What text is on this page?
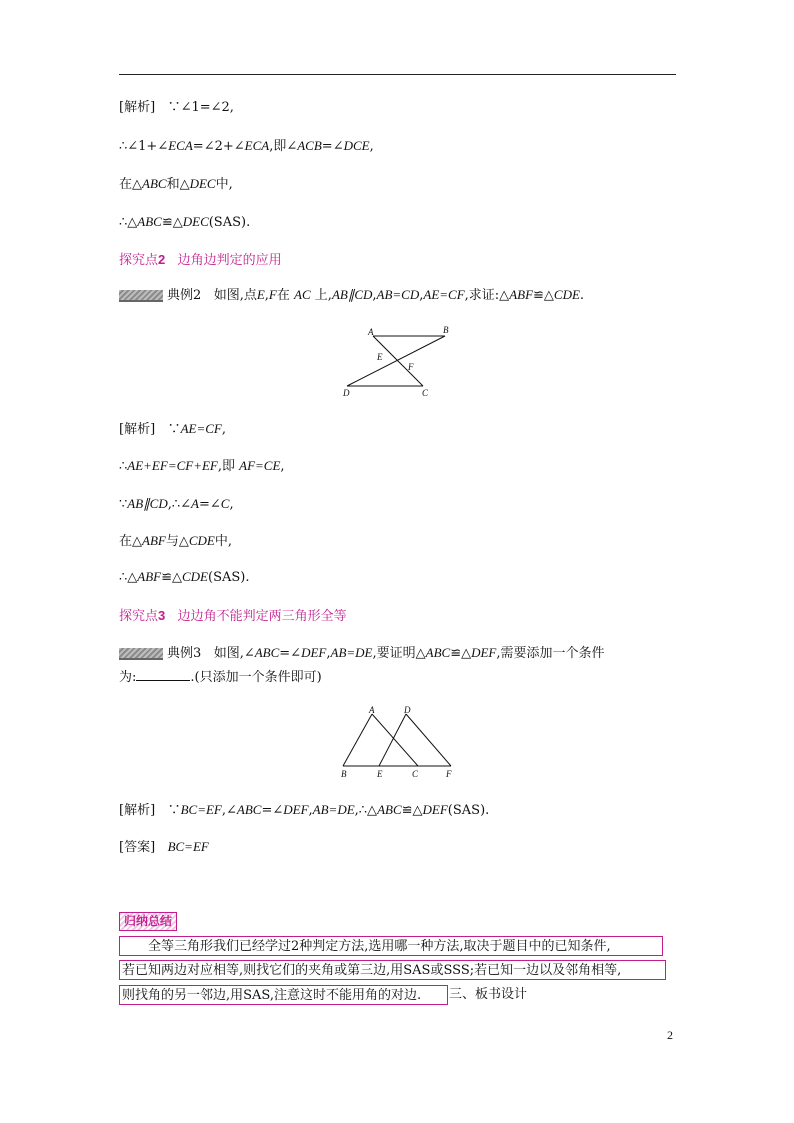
[解析] ∵∠1=∠2,
∴∠1+∠ECA=∠2+∠ECA,即∠ACB=∠DCE,
在△ABC和△DEC中,
∴△ABC≌△DEC(SAS).
探究点2 边角边判定的应用
典例2 如图,点E,F在 AC 上,AB∥CD,AB=CD,AE=CF,求证:△ABF≌△CDE.
A	B
C
D
E
F
[解析] ∵AE=CF,
∴AE+EF=CF+EF,即 AF=CE,
∵AB∥CD,∴∠A=∠C,
在△ABF与△CDE中,
∴△ABF≌△CDE(SAS).
探究点3 边边角不能判定两三角形全等
典例3 如图,∠ABC=∠DEF,AB=DE,要证明△ABC≌△DEF,需要添加一个条件
为:	.(只添加一个条件即可)
A	D
B	E	C	F
[解析] ∵BC=EF,∠ABC=∠DEF,AB=DE,∴△ABC≌△DEF(SAS).
[答案] BC=EF
归纳总结
全等三角形我们已经学过2种判定方法,选用哪一种方法,取决于题目中的已知条件,
若已知两边对应相等,则找它们的夹角或第三边,用SAS或SSS;若已知一边以及邻角相等,
则找角的另一邻边,用SAS,注意这时不能用角的对边.	三、板书设计
2
